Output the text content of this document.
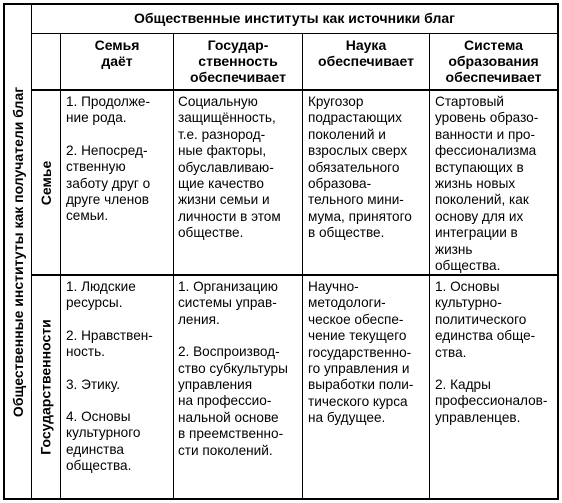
Общественные институты как источники благ
Общественные институты как получатели благ
Семья
даёт
Государ-
ственность
обеспечивает
Наука
обеспечивает
Система
образования
обеспечивает
Семье
Государственности

1. Продолже-
ние рода.

2. Непосред-
ственную
заботу друг о
друге членов
семьи.

Социальную
защищённость,
т.е. разнород-
ные факторы,
обуславливаю-
щие качество
жизни семьи и
личности в этом
обществе.

Кругозор
подрастающих
поколений и
взрослых сверх
обязательного
образова-
тельного мини-
мума, принятого
в обществе.

Стартовый
уровень образо-
ванности и про-
фессионализма
вступающих в
жизнь новых
поколений, как
основу для их
интеграции в жизнь
общества.

1. Людские
ресурсы.

2. Нравствен-
ность.

3. Этику.

4. Основы
культурного
единства
общества.

1. Организацию
системы управ-
ления.

2. Воспроизвод-
ство субкультуры
управления
на профессио-
нальной основе
в преемственно-
сти поколений.

Научно-
методологи-
ческое обеспе-
чение текущего
государственно-
го управления и
выработки поли-
тического курса
на будущее.

1. Основы
культурно-
политического
единства обще-
ства.

2. Кадры
профессионалов-
управленцев.
